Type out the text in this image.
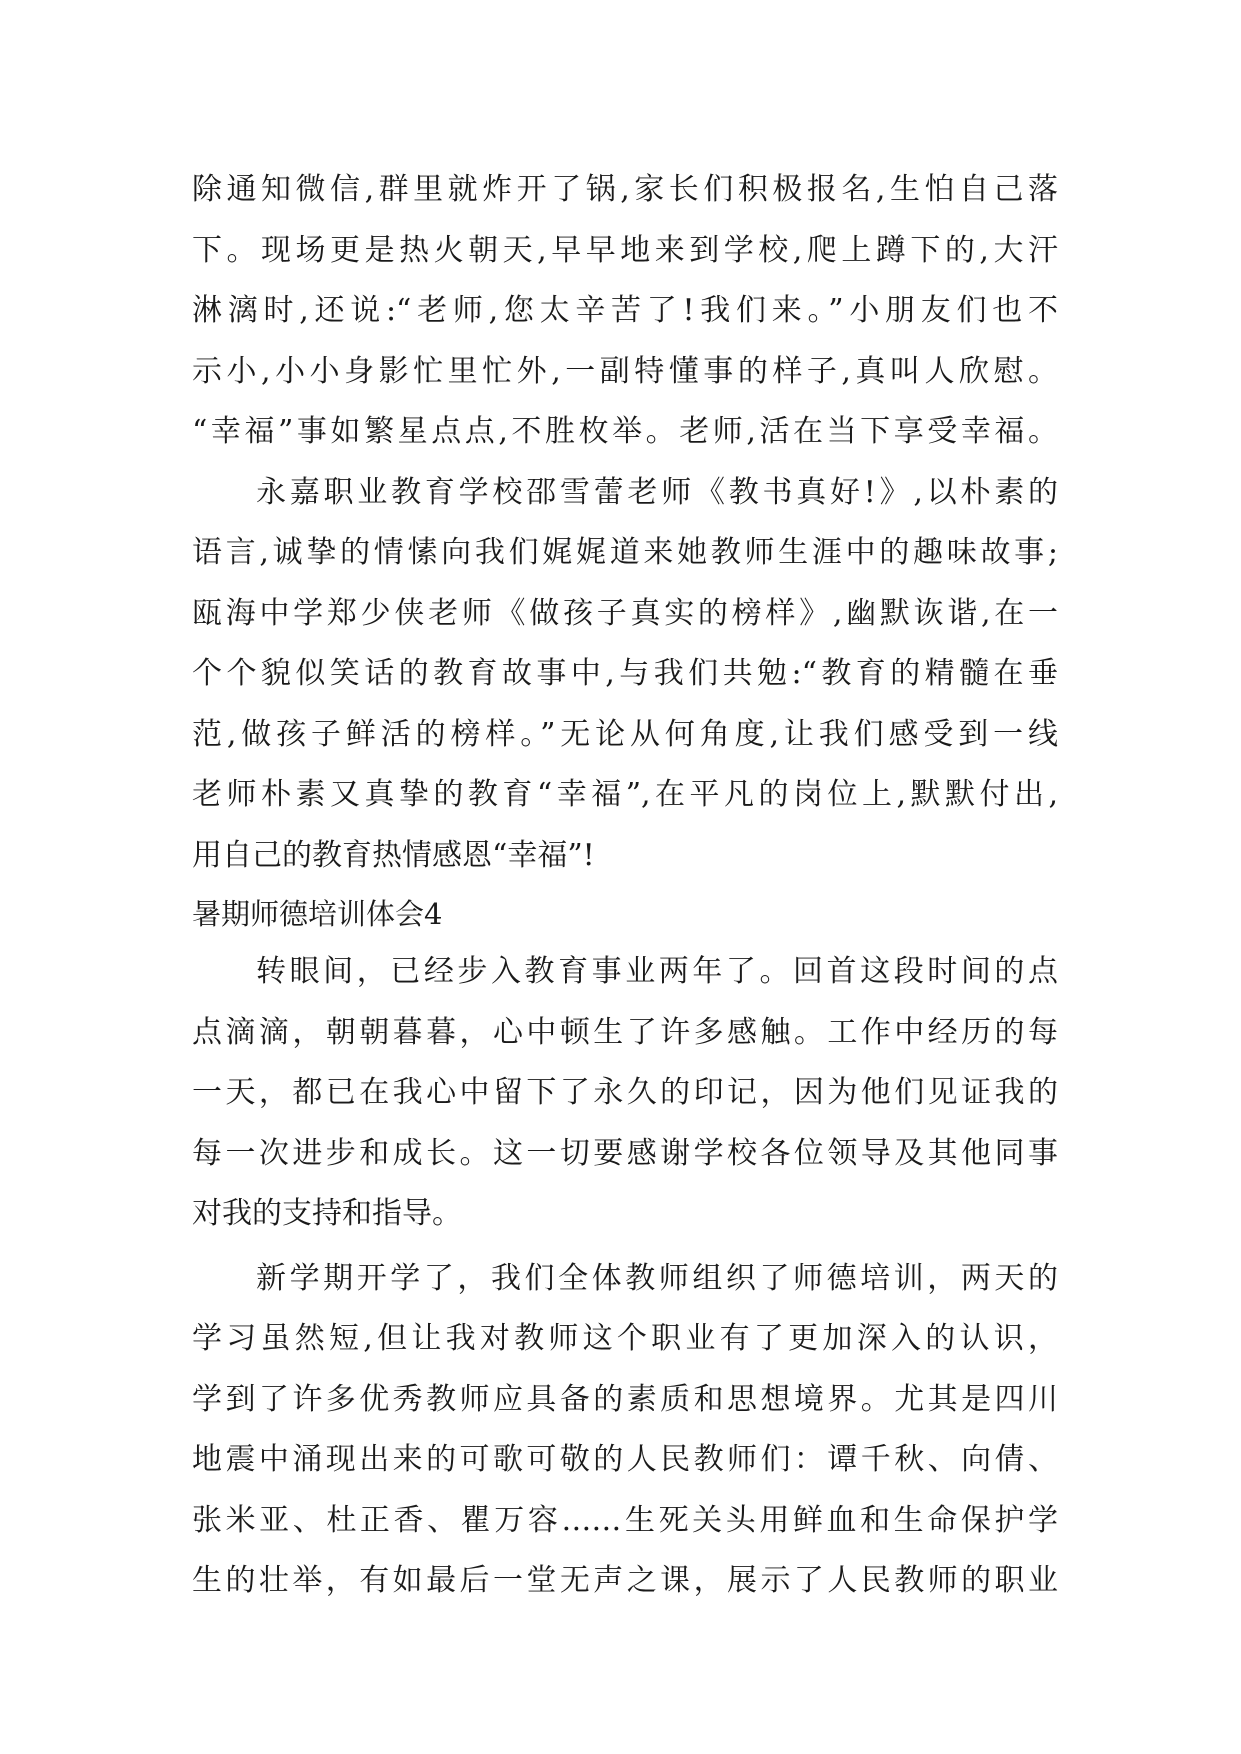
除通知微信,群里就炸开了锅,家长们积极报名,生怕自己落
下。现场更是热火朝天,早早地来到学校,爬上蹲下的,大汗
淋漓时,还说:“老师,您太辛苦了!我们来。”小朋友们也不
示小,小小身影忙里忙外,一副特懂事的样子,真叫人欣慰。
“幸福”事如繁星点点,不胜枚举。老师,活在当下享受幸福。
永嘉职业教育学校邵雪蕾老师《教书真好!》,以朴素的
语言,诚挚的情愫向我们娓娓道来她教师生涯中的趣味故事;
瓯海中学郑少侠老师《做孩子真实的榜样》,幽默诙谐,在一
个个貌似笑话的教育故事中,与我们共勉:“教育的精髓在垂
范,做孩子鲜活的榜样。”无论从何角度,让我们感受到一线
老师朴素又真挚的教育“幸福”,在平凡的岗位上,默默付出,
用自己的教育热情感恩“幸福”!
暑期师德培训体会4
转眼间，已经步入教育事业两年了。回首这段时间的点
点滴滴，朝朝暮暮，心中顿生了许多感触。工作中经历的每
一天，都已在我心中留下了永久的印记，因为他们见证我的
每一次进步和成长。这一切要感谢学校各位领导及其他同事
对我的支持和指导。
新学期开学了，我们全体教师组织了师德培训，两天的
学习虽然短,但让我对教师这个职业有了更加深入的认识，
学到了许多优秀教师应具备的素质和思想境界。尤其是四川
地震中涌现出来的可歌可敬的人民教师们：谭千秋、向倩、
张米亚、杜正香、瞿万容……生死关头用鲜血和生命保护学
生的壮举，有如最后一堂无声之课，展示了人民教师的职业
